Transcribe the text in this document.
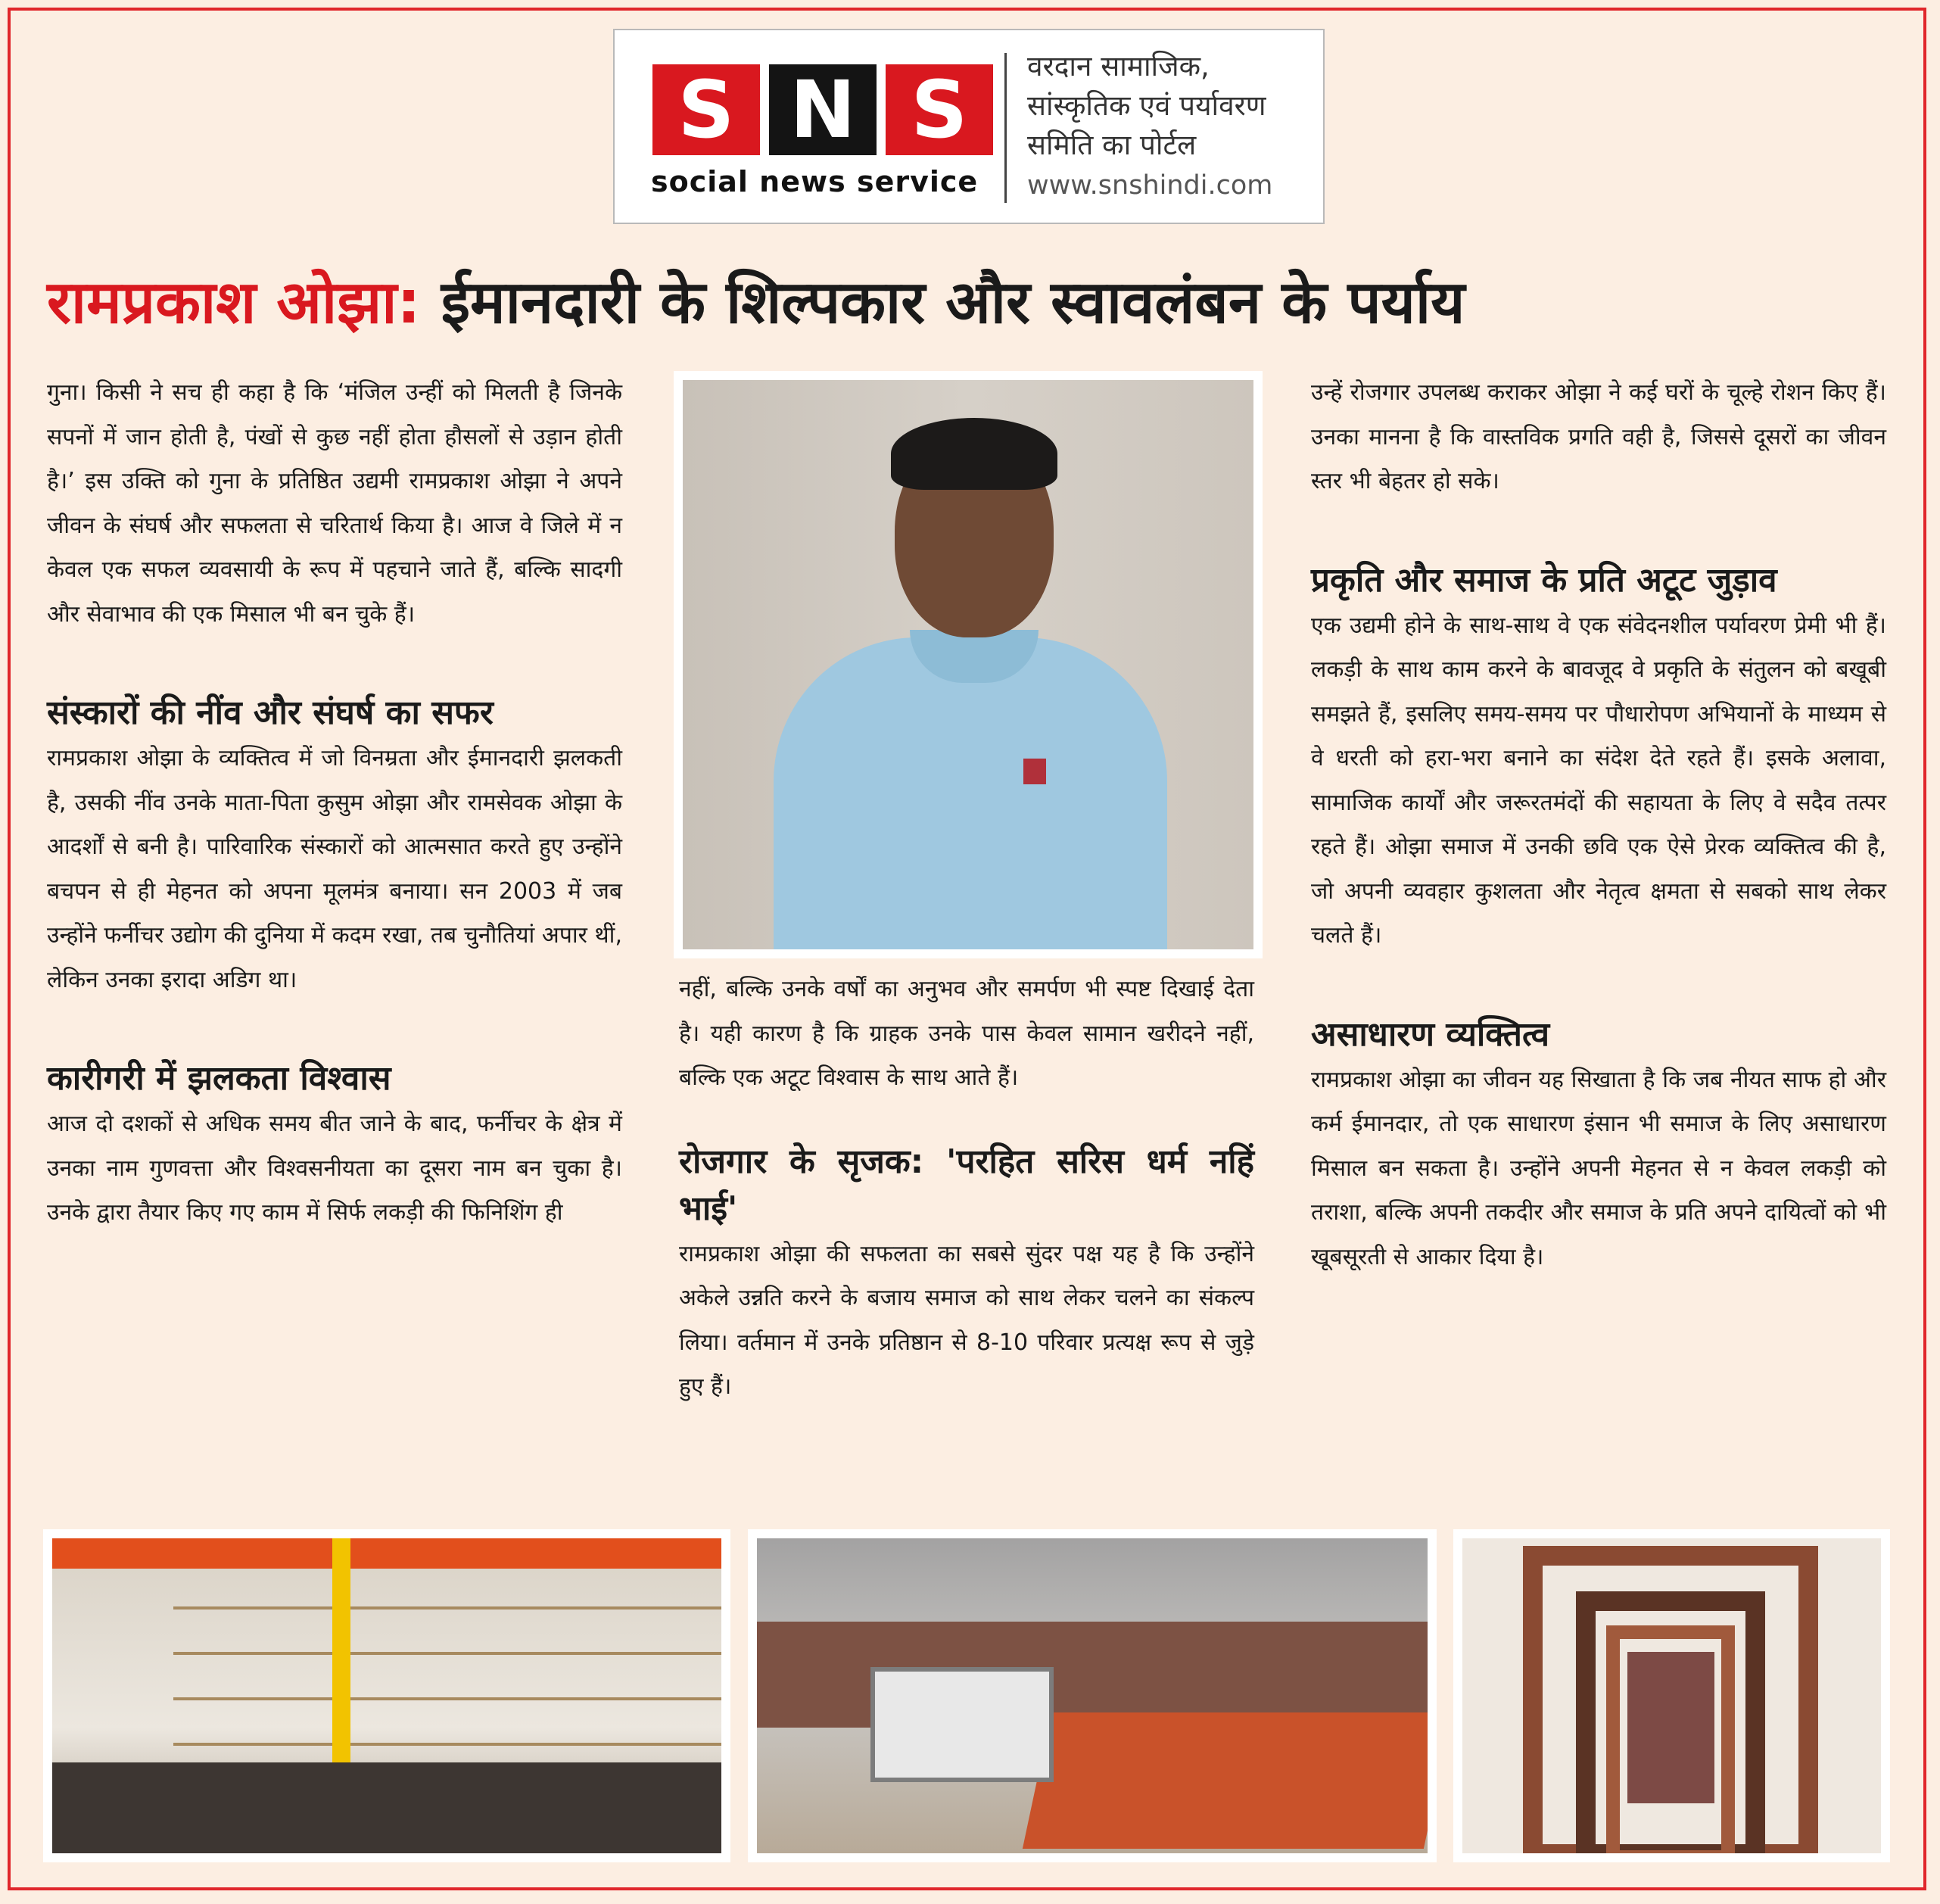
S N S
social news service
वरदान सामाजिक,
सांस्कृतिक एवं पर्यावरण
समिति का पोर्टल
www.snshindi.com
रामप्रकाश ओझा: ईमानदारी के शिल्पकार और स्वावलंबन के पर्याय

गुना। किसी ने सच ही कहा है कि ‘मंजिल उन्हीं को मिलती है जिनके सपनों में जान होती है, पंखों से कुछ नहीं होता हौसलों से उड़ान होती है।’ इस उक्ति को गुना के प्रतिष्ठित उद्यमी रामप्रकाश ओझा ने अपने जीवन के संघर्ष और सफलता से चरितार्थ किया है। आज वे जिले में न केवल एक सफल व्यवसायी के रूप में पहचाने जाते हैं, बल्कि सादगी और सेवाभाव की एक मिसाल भी बन चुके हैं।

संस्कारों की नींव और संघर्ष का सफर

रामप्रकाश ओझा के व्यक्तित्व में जो विनम्रता और ईमानदारी झलकती है, उसकी नींव उनके माता-पिता कुसुम ओझा और रामसेवक ओझा के आदर्शों से बनी है। पारिवारिक संस्कारों को आत्मसात करते हुए उन्होंने बचपन से ही मेहनत को अपना मूलमंत्र बनाया। सन 2003 में जब उन्होंने फर्नीचर उद्योग की दुनिया में कदम रखा, तब चुनौतियां अपार थीं, लेकिन उनका इरादा अडिग था।

कारीगरी में झलकता विश्वास

आज दो दशकों से अधिक समय बीत जाने के बाद, फर्नीचर के क्षेत्र में उनका नाम गुणवत्ता और विश्वसनीयता का दूसरा नाम बन चुका है। उनके द्वारा तैयार किए गए काम में सिर्फ लकड़ी की फिनिशिंग ही

नहीं, बल्कि उनके वर्षों का अनुभव और समर्पण भी स्पष्ट दिखाई देता है। यही कारण है कि ग्राहक उनके पास केवल सामान खरीदने नहीं, बल्कि एक अटूट विश्वास के साथ आते हैं।

रोजगार के सृजक: 'परहित सरिस धर्म नहिं भाई'

रामप्रकाश ओझा की सफलता का सबसे सुंदर पक्ष यह है कि उन्होंने अकेले उन्नति करने के बजाय समाज को साथ लेकर चलने का संकल्प लिया। वर्तमान में उनके प्रतिष्ठान से 8-10 परिवार प्रत्यक्ष रूप से जुड़े हुए हैं।

उन्हें रोजगार उपलब्ध कराकर ओझा ने कई घरों के चूल्हे रोशन किए हैं। उनका मानना है कि वास्तविक प्रगति वही है, जिससे दूसरों का जीवन स्तर भी बेहतर हो सके।

प्रकृति और समाज के प्रति अटूट जुड़ाव

एक उद्यमी होने के साथ-साथ वे एक संवेदनशील पर्यावरण प्रेमी भी हैं। लकड़ी के साथ काम करने के बावजूद वे प्रकृति के संतुलन को बखूबी समझते हैं, इसलिए समय-समय पर पौधारोपण अभियानों के माध्यम से वे धरती को हरा-भरा बनाने का संदेश देते रहते हैं। इसके अलावा, सामाजिक कार्यों और जरूरतमंदों की सहायता के लिए वे सदैव तत्पर रहते हैं। ओझा समाज में उनकी छवि एक ऐसे प्रेरक व्यक्तित्व की है, जो अपनी व्यवहार कुशलता और नेतृत्व क्षमता से सबको साथ लेकर चलते हैं।

असाधारण व्यक्तित्व

रामप्रकाश ओझा का जीवन यह सिखाता है कि जब नीयत साफ हो और कर्म ईमानदार, तो एक साधारण इंसान भी समाज के लिए असाधारण मिसाल बन सकता है। उन्होंने अपनी मेहनत से न केवल लकड़ी को तराशा, बल्कि अपनी तकदीर और समाज के प्रति अपने दायित्वों को भी खूबसूरती से आकार दिया है।
